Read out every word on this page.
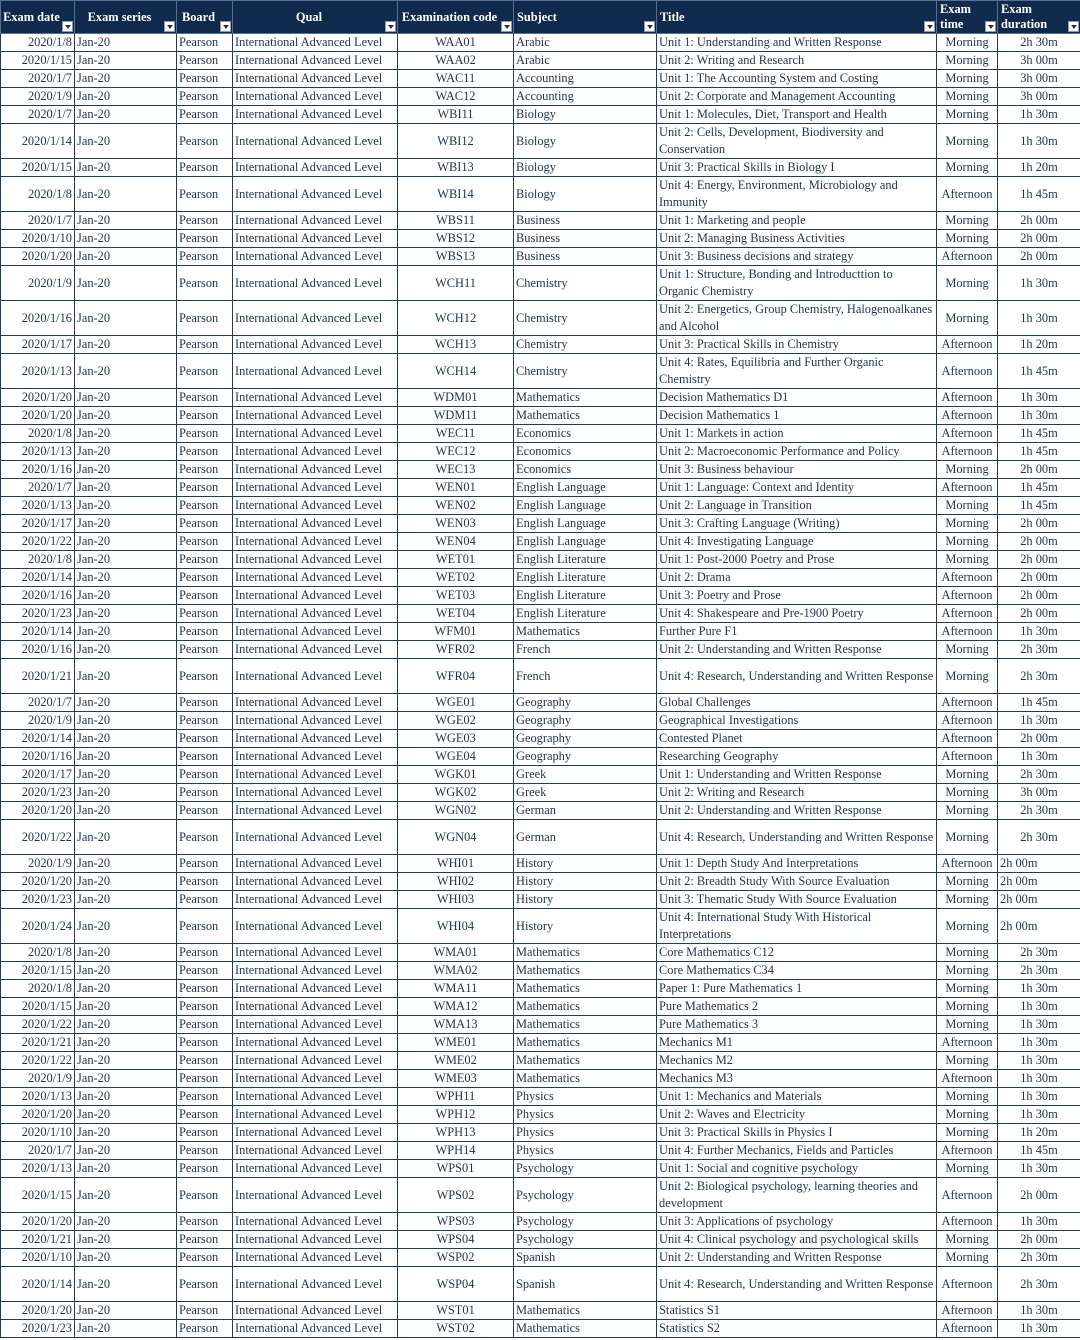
Exam date	Exam series	Board	Qual	Examination code	Subject	Title	Exam time	Exam duration

2020/1/8	Jan-20	Pearson	International Advanced Level	WAA01	Arabic	Unit 1: Understanding and Written Response	Morning	2h 30m
2020/1/15	Jan-20	Pearson	International Advanced Level	WAA02	Arabic	Unit 2: Writing and Research	Morning	3h 00m
2020/1/7	Jan-20	Pearson	International Advanced Level	WAC11	Accounting	Unit 1: The Accounting System and Costing	Morning	3h 00m
2020/1/9	Jan-20	Pearson	International Advanced Level	WAC12	Accounting	Unit 2: Corporate and Management Accounting	Morning	3h 00m
2020/1/7	Jan-20	Pearson	International Advanced Level	WBI11	Biology	Unit 1: Molecules, Diet, Transport and Health	Morning	1h 30m
2020/1/14	Jan-20	Pearson	International Advanced Level	WBI12	Biology	Unit 2: Cells, Development, Biodiversity and Conservation	Morning	1h 30m
2020/1/15	Jan-20	Pearson	International Advanced Level	WBI13	Biology	Unit 3: Practical Skills in Biology I	Morning	1h 20m
2020/1/8	Jan-20	Pearson	International Advanced Level	WBI14	Biology	Unit 4: Energy, Environment, Microbiology and Immunity	Afternoon	1h 45m
2020/1/7	Jan-20	Pearson	International Advanced Level	WBS11	Business	Unit 1: Marketing and people	Morning	2h 00m
2020/1/10	Jan-20	Pearson	International Advanced Level	WBS12	Business	Unit 2: Managing Business Activities	Morning	2h 00m
2020/1/20	Jan-20	Pearson	International Advanced Level	WBS13	Business	Unit 3: Business decisions and strategy	Afternoon	2h 00m
2020/1/9	Jan-20	Pearson	International Advanced Level	WCH11	Chemistry	Unit 1: Structure, Bonding and Introducttion to Organic Chemistry	Morning	1h 30m
2020/1/16	Jan-20	Pearson	International Advanced Level	WCH12	Chemistry	Unit 2: Energetics, Group Chemistry, Halogenoalkanes and Alcohol	Morning	1h 30m
2020/1/17	Jan-20	Pearson	International Advanced Level	WCH13	Chemistry	Unit 3: Practical Skills in Chemistry	Afternoon	1h 20m
2020/1/13	Jan-20	Pearson	International Advanced Level	WCH14	Chemistry	Unit 4: Rates, Equilibria and Further Organic Chemistry	Afternoon	1h 45m
2020/1/20	Jan-20	Pearson	International Advanced Level	WDM01	Mathematics	Decision Mathematics D1	Afternoon	1h 30m
2020/1/20	Jan-20	Pearson	International Advanced Level	WDM11	Mathematics	Decision Mathematics 1	Afternoon	1h 30m
2020/1/8	Jan-20	Pearson	International Advanced Level	WEC11	Economics	Unit 1: Markets in action	Afternoon	1h 45m
2020/1/13	Jan-20	Pearson	International Advanced Level	WEC12	Economics	Unit 2: Macroeconomic Performance and Policy	Afternoon	1h 45m
2020/1/16	Jan-20	Pearson	International Advanced Level	WEC13	Economics	Unit 3: Business behaviour	Morning	2h 00m
2020/1/7	Jan-20	Pearson	International Advanced Level	WEN01	English Language	Unit 1: Language: Context and Identity	Afternoon	1h 45m
2020/1/13	Jan-20	Pearson	International Advanced Level	WEN02	English Language	Unit 2: Language in Transition	Morning	1h 45m
2020/1/17	Jan-20	Pearson	International Advanced Level	WEN03	English Language	Unit 3: Crafting Language (Writing)	Morning	2h 00m
2020/1/22	Jan-20	Pearson	International Advanced Level	WEN04	English Language	Unit 4: Investigating Language	Morning	2h 00m
2020/1/8	Jan-20	Pearson	International Advanced Level	WET01	English Literature	Unit 1: Post-2000 Poetry and Prose	Morning	2h 00m
2020/1/14	Jan-20	Pearson	International Advanced Level	WET02	English Literature	Unit 2: Drama	Afternoon	2h 00m
2020/1/16	Jan-20	Pearson	International Advanced Level	WET03	English Literature	Unit 3: Poetry and Prose	Afternoon	2h 00m
2020/1/23	Jan-20	Pearson	International Advanced Level	WET04	English Literature	Unit 4: Shakespeare and Pre-1900 Poetry	Afternoon	2h 00m
2020/1/14	Jan-20	Pearson	International Advanced Level	WFM01	Mathematics	Further Pure F1	Afternoon	1h 30m
2020/1/16	Jan-20	Pearson	International Advanced Level	WFR02	French	Unit 2: Understanding and Written Response	Morning	2h 30m
2020/1/21	Jan-20	Pearson	International Advanced Level	WFR04	French	Unit 4: Research, Understanding and Written Response	Morning	2h 30m
2020/1/7	Jan-20	Pearson	International Advanced Level	WGE01	Geography	Global Challenges	Afternoon	1h 45m
2020/1/9	Jan-20	Pearson	International Advanced Level	WGE02	Geography	Geographical Investigations	Afternoon	1h 30m
2020/1/14	Jan-20	Pearson	International Advanced Level	WGE03	Geography	Contested Planet	Afternoon	2h 00m
2020/1/16	Jan-20	Pearson	International Advanced Level	WGE04	Geography	Researching Geography	Afternoon	1h 30m
2020/1/17	Jan-20	Pearson	International Advanced Level	WGK01	Greek	Unit 1: Understanding and Written Response	Morning	2h 30m
2020/1/23	Jan-20	Pearson	International Advanced Level	WGK02	Greek	Unit 2: Writing and Research	Morning	3h 00m
2020/1/20	Jan-20	Pearson	International Advanced Level	WGN02	German	Unit 2: Understanding and Written Response	Morning	2h 30m
2020/1/22	Jan-20	Pearson	International Advanced Level	WGN04	German	Unit 4: Research, Understanding and Written Response	Morning	2h 30m
2020/1/9	Jan-20	Pearson	International Advanced Level	WHI01	History	Unit 1: Depth Study And Interpretations	Afternoon	2h 00m
2020/1/20	Jan-20	Pearson	International Advanced Level	WHI02	History	Unit 2: Breadth Study With Source Evaluation	Morning	2h 00m
2020/1/23	Jan-20	Pearson	International Advanced Level	WHI03	History	Unit 3: Thematic Study With Source Evaluation	Morning	2h 00m
2020/1/24	Jan-20	Pearson	International Advanced Level	WHI04	History	Unit 4: International Study With Historical Interpretations	Morning	2h 00m
2020/1/8	Jan-20	Pearson	International Advanced Level	WMA01	Mathematics	Core Mathematics C12	Morning	2h 30m
2020/1/15	Jan-20	Pearson	International Advanced Level	WMA02	Mathematics	Core Mathematics C34	Morning	2h 30m
2020/1/8	Jan-20	Pearson	International Advanced Level	WMA11	Mathematics	Paper 1: Pure Mathematics 1	Morning	1h 30m
2020/1/15	Jan-20	Pearson	International Advanced Level	WMA12	Mathematics	Pure Mathematics 2	Morning	1h 30m
2020/1/22	Jan-20	Pearson	International Advanced Level	WMA13	Mathematics	Pure Mathematics 3	Morning	1h 30m
2020/1/21	Jan-20	Pearson	International Advanced Level	WME01	Mathematics	Mechanics M1	Afternoon	1h 30m
2020/1/22	Jan-20	Pearson	International Advanced Level	WME02	Mathematics	Mechanics M2	Morning	1h 30m
2020/1/9	Jan-20	Pearson	International Advanced Level	WME03	Mathematics	Mechanics M3	Afternoon	1h 30m
2020/1/13	Jan-20	Pearson	International Advanced Level	WPH11	Physics	Unit 1: Mechanics and Materials	Morning	1h 30m
2020/1/20	Jan-20	Pearson	International Advanced Level	WPH12	Physics	Unit 2: Waves and Electricity	Morning	1h 30m
2020/1/10	Jan-20	Pearson	International Advanced Level	WPH13	Physics	Unit 3: Practical Skills in Physics I	Morning	1h 20m
2020/1/7	Jan-20	Pearson	International Advanced Level	WPH14	Physics	Unit 4: Further Mechanics, Fields and Particles	Afternoon	1h 45m
2020/1/13	Jan-20	Pearson	International Advanced Level	WPS01	Psychology	Unit 1: Social and cognitive psychology	Morning	1h 30m
2020/1/15	Jan-20	Pearson	International Advanced Level	WPS02	Psychology	Unit 2: Biological psychology, learning theories and development	Afternoon	2h 00m
2020/1/20	Jan-20	Pearson	International Advanced Level	WPS03	Psychology	Unit 3: Applications of psychology	Afternoon	1h 30m
2020/1/21	Jan-20	Pearson	International Advanced Level	WPS04	Psychology	Unit 4: Clinical psychology and psychological skills	Morning	2h 00m
2020/1/10	Jan-20	Pearson	International Advanced Level	WSP02	Spanish	Unit 2: Understanding and Written Response	Morning	2h 30m
2020/1/14	Jan-20	Pearson	International Advanced Level	WSP04	Spanish	Unit 4: Research, Understanding and Written Response	Afternoon	2h 30m
2020/1/20	Jan-20	Pearson	International Advanced Level	WST01	Mathematics	Statistics S1	Afternoon	1h 30m
2020/1/23	Jan-20	Pearson	International Advanced Level	WST02	Mathematics	Statistics S2	Afternoon	1h 30m
